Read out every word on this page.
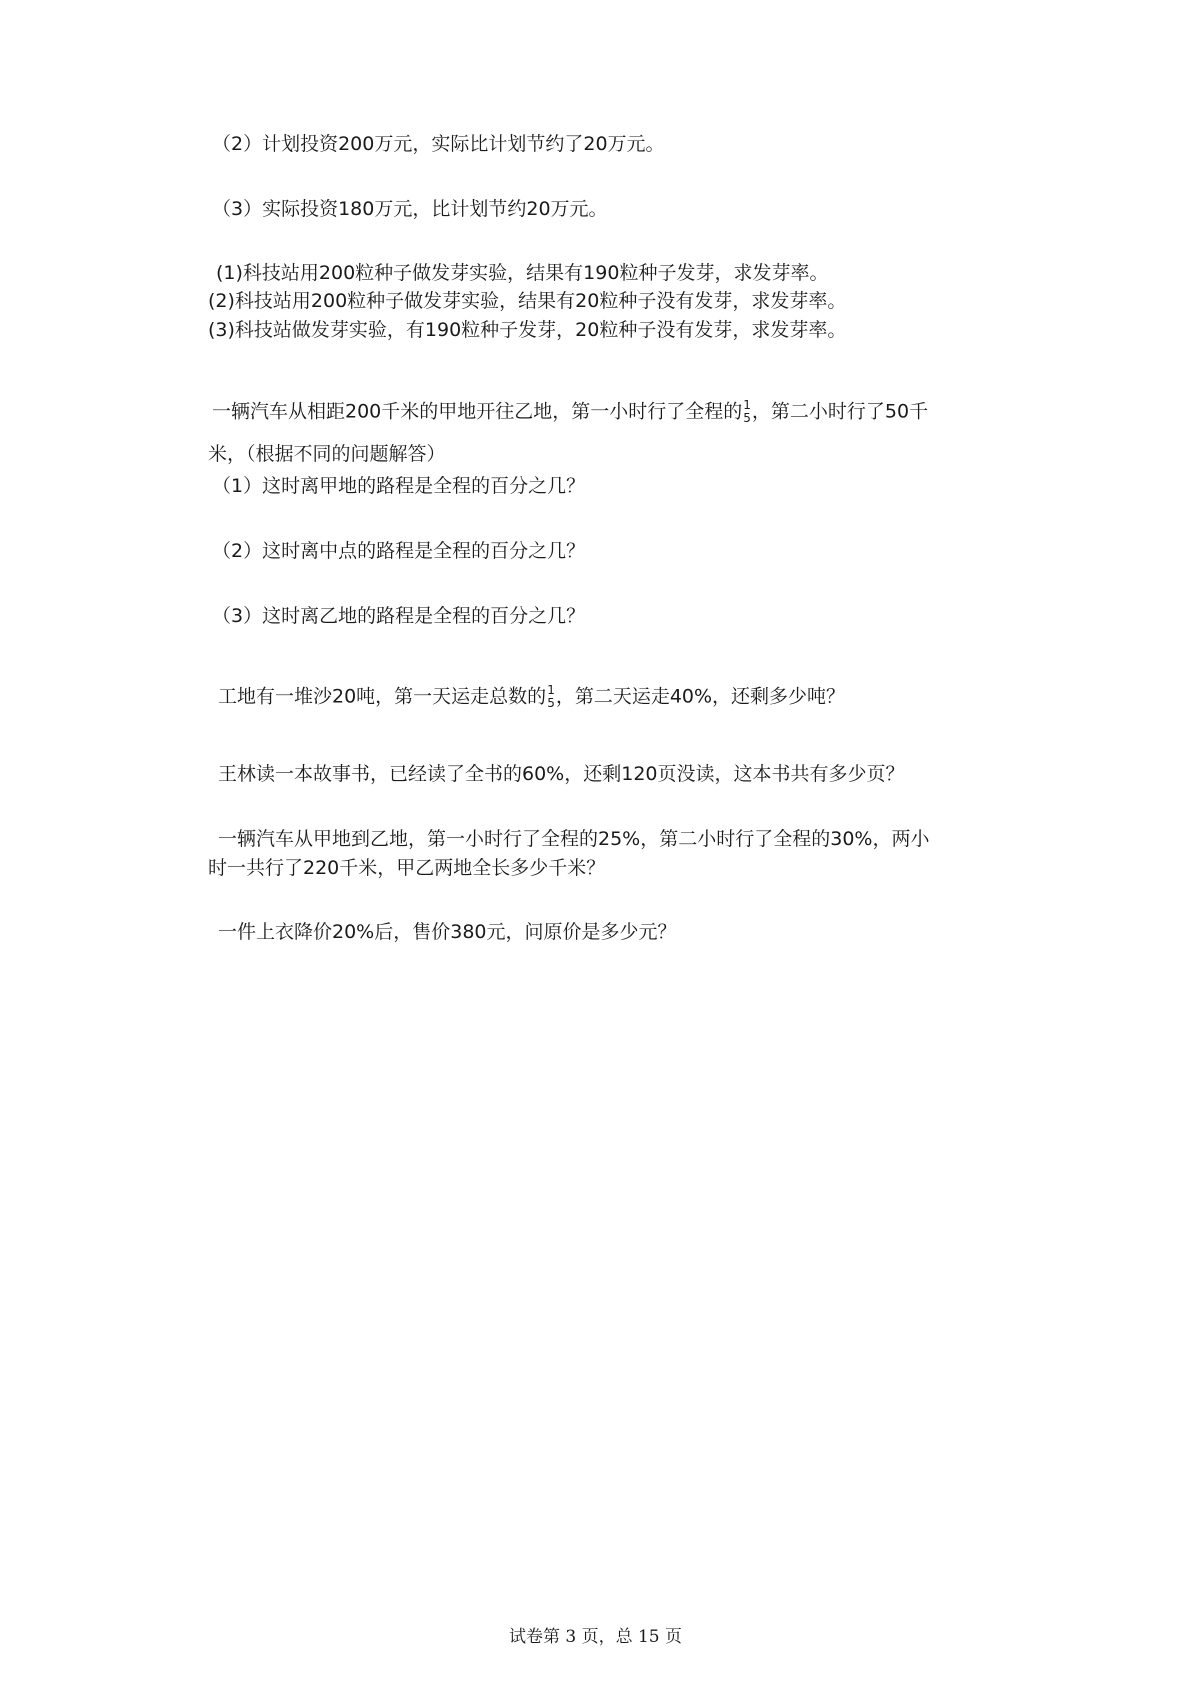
（2）计划投资200万元，实际比计划节约了20万元。
（3）实际投资180万元，比计划节约20万元。
(1)科技站用200粒种子做发芽实验，结果有190粒种子发芽，求发芽率。
(2)科技站用200粒种子做发芽实验，结果有20粒种子没有发芽，求发芽率。
(3)科技站做发芽实验，有190粒种子发芽，20粒种子没有发芽，求发芽率。
一辆汽车从相距200千米的甲地开往乙地，第一小时行了全程的 1
5 ，第二小时行了50千
米，（根据不同的问题解答）
（1）这时离甲地的路程是全程的百分之几？
（2）这时离中点的路程是全程的百分之几？
（3）这时离乙地的路程是全程的百分之几？
工地有一堆沙20吨，第一天运走总数的 1
5 ，第二天运走40%，还剩多少吨？
王林读一本故事书，已经读了全书的60%，还剩120页没读，这本书共有多少页？
一辆汽车从甲地到乙地，第一小时行了全程的25%，第二小时行了全程的30%，两小
时一共行了220千米，甲乙两地全长多少千米？
一件上衣降价20%后，售价380元，问原价是多少元？
试卷第 3 页，总 15 页
